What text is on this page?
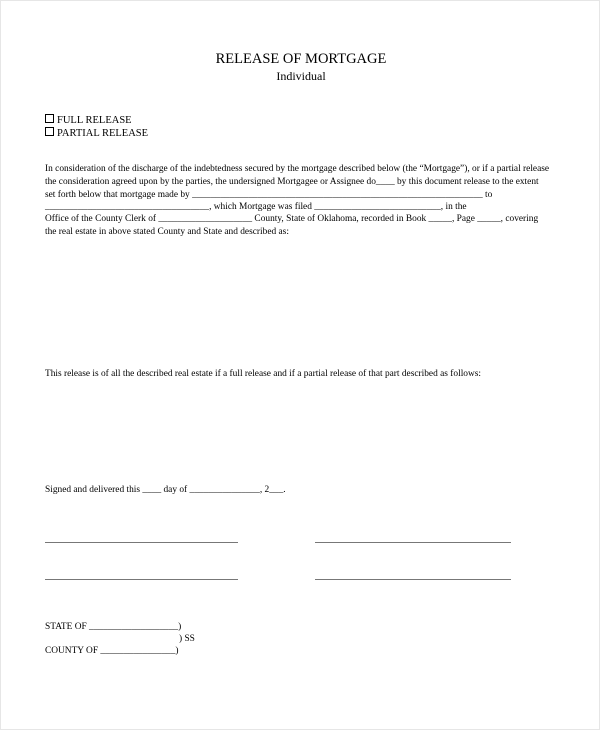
RELEASE OF MORTGAGE
Individual
FULL RELEASE
PARTIAL RELEASE
In consideration of the discharge of the indebtedness secured by the mortgage described below (the “Mortgage”), or if a partial release
the consideration agreed upon by the parties, the undersigned Mortgagee or Assignee do____ by this document release to the extent
set forth below that mortgage made by ______________________________________________________________ to
___________________________________, which Mortgage was filed ___________________________, in the
Office of the County Clerk of ____________________ County, State of Oklahoma, recorded in Book _____, Page _____, covering
the real estate in above stated County and State and described as:
This release is of all the described real estate if a full release and if a partial release of that part described as follows:
Signed and delivered this ____ day of _______________, 2___.
STATE OF ___________________)
) SS
COUNTY OF ________________)
